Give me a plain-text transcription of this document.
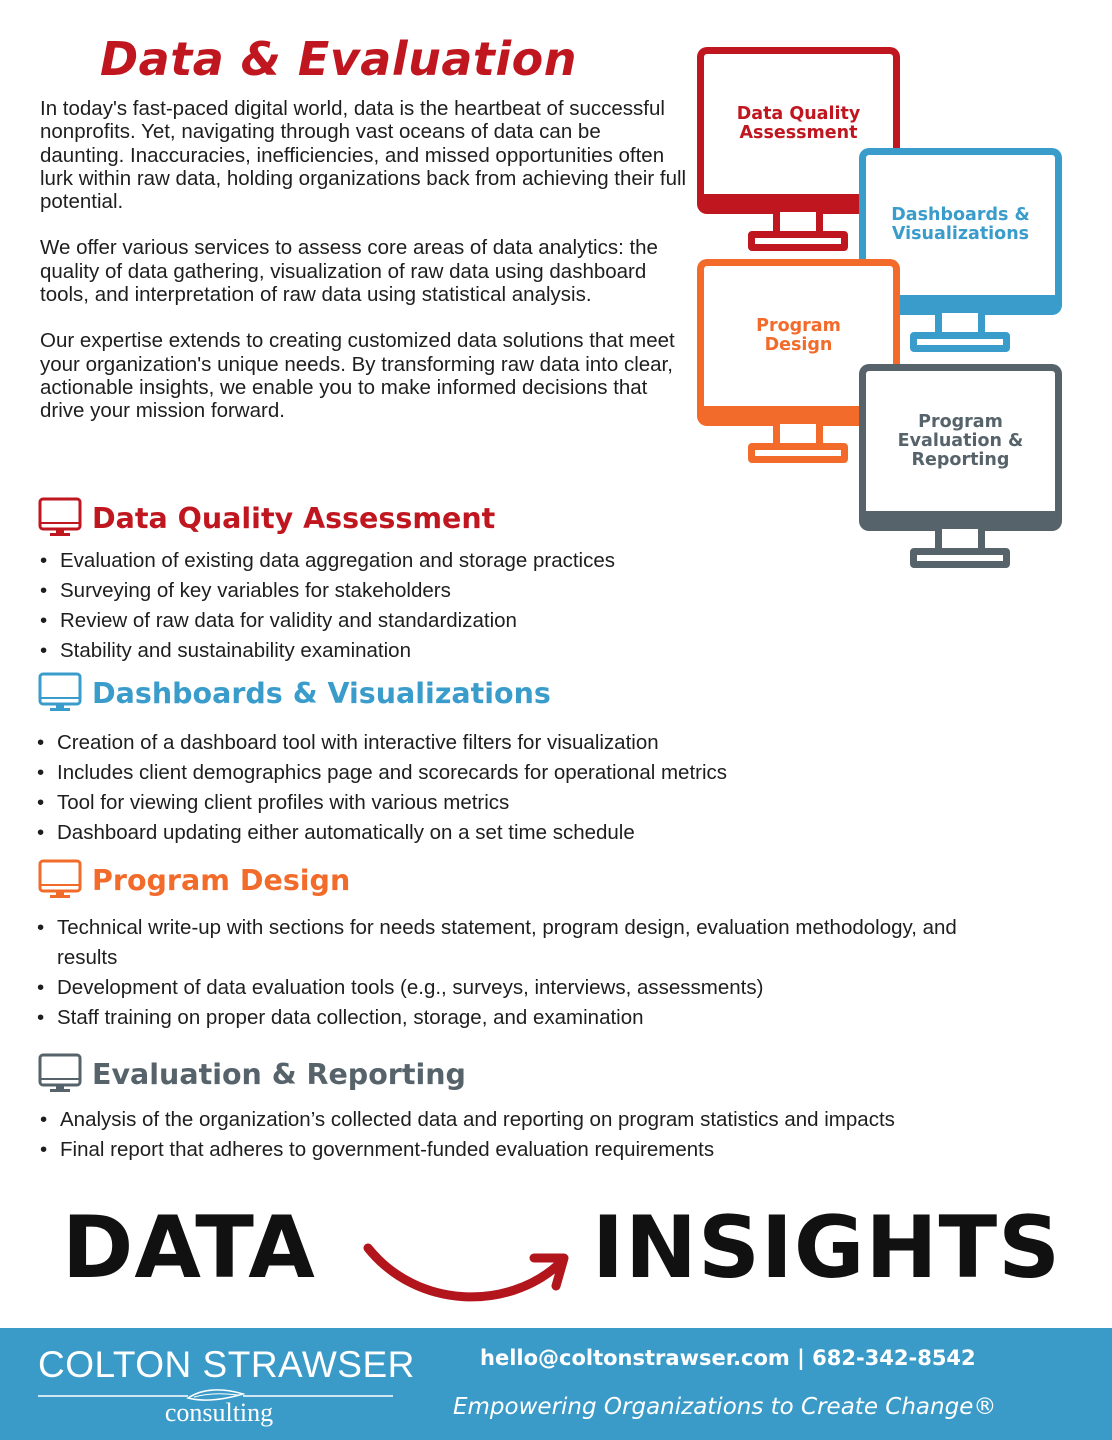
Data & Evaluation

In today's fast-paced digital world, data is the heartbeat of successful nonprofits. Yet, navigating through vast oceans of data can be daunting. Inaccuracies, inefficiencies, and missed opportunities often lurk within raw data, holding organizations back from achieving their full potential.

We offer various services to assess core areas of data analytics: the quality of data gathering, visualization of raw data using dashboard tools, and interpretation of raw data using statistical analysis.

Our expertise extends to creating customized data solutions that meet your organization's unique needs. By transforming raw data into clear, actionable insights, we enable you to make informed decisions that drive your mission forward.

Data Quality
Assessment
Dashboards &
Visualizations
Program
Design
Program
Evaluation &
Reporting
Data Quality Assessment
• Evaluation of existing data aggregation and storage practices
• Surveying of key variables for stakeholders
• Review of raw data for validity and standardization
• Stability and sustainability examination
Dashboards & Visualizations
• Creation of a dashboard tool with interactive filters for visualization
• Includes client demographics page and scorecards for operational metrics
• Tool for viewing client profiles with various metrics
• Dashboard updating either automatically on a set time schedule
Program Design
• Technical write-up with sections for needs statement, program design, evaluation methodology, and results
• Development of data evaluation tools (e.g., surveys, interviews, assessments)
• Staff training on proper data collection, storage, and examination
Evaluation & Reporting
• Analysis of the organization’s collected data and reporting on program statistics and impacts
• Final report that adheres to government-funded evaluation requirements
DATA	INSIGHTS
COLTON STRAWSER
consulting
hello@coltonstrawser.com | 682-342-8542
Empowering Organizations to Create Change®
